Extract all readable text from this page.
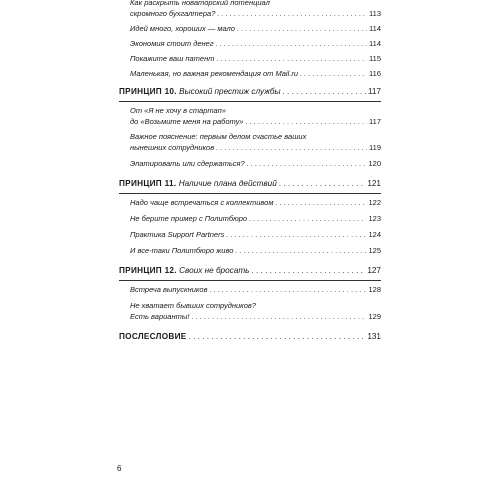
Как раскрыть новаторский потенциал
скромного бухгалтера? . . .	113
Идей много, хороших — мало . . .	114
Экономия стоит денег . . .	114
Покажите ваш патент . . .	115
Маленькая, но важная рекомендация от Mail.ru . . .	116
ПРИНЦИП 10. Высокий престиж службы . . .	117
От «Я не хочу в стартап»
до «Возьмите меня на работу» . . .	117
Важное пояснение: первым делом счастье ваших
нынешних сотрудников . . .	119
Эпатировать или сдержаться? . . .	120
ПРИНЦИП 11. Наличие плана действий . . .	121
Надо чаще встречаться с коллективом . . .	122
Не берите пример с Политбюро . . .	123
Практика Support Partners . . .	124
И все-таки Политбюро живо . . .	125
ПРИНЦИП 12. Своих не бросать . . .	127
Встреча выпускников . . .	128
Не хватает бывших сотрудников?
Есть варианты! . . .	129
ПОСЛЕСЛОВИЕ . . .	131
6
